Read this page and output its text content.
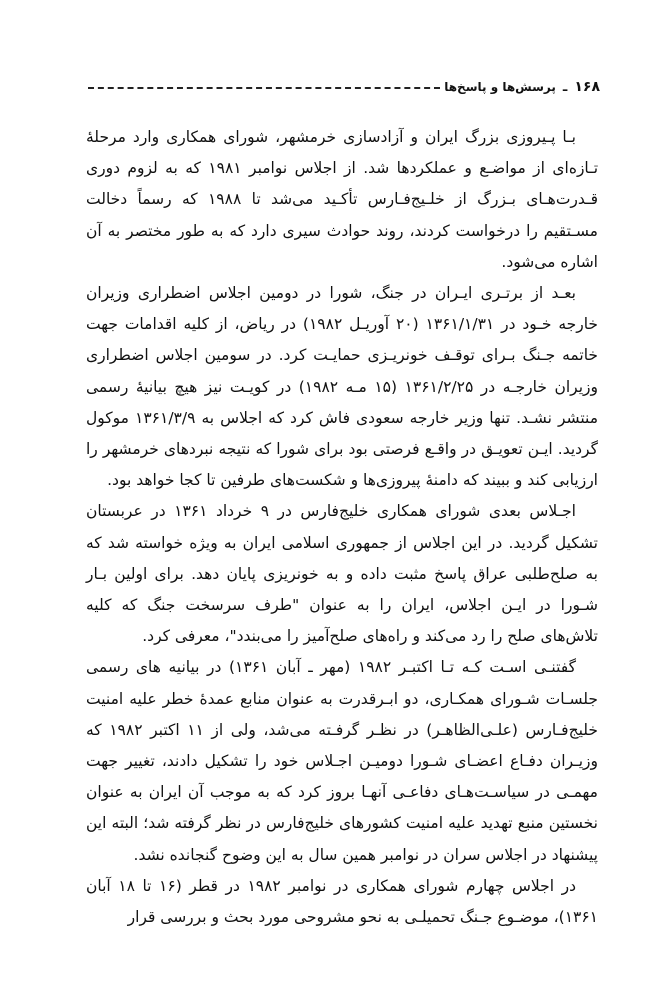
۱۶۸
ـ
پرسش‌ها و پاسخ‌ها

بـا پـیروزی بزرگ ایران و آزادسازی خرمشهر، شورای همکاری وارد مرحلهٔ تـازه‌ای از مواضـع و عملکردها شد. از اجلاس نوامبر ۱۹۸۱ که به لزوم دوری قـدرت‌هـای بـزرگ از خلـیج‌فـارس تأکـید می‌شد تا ۱۹۸۸ که رسماً دخالت مسـتقیم را درخواست کردند، روند حوادث سیری دارد که به طور مختصر به آن اشاره می‌شود.

بعـد از برتـری ایـران در جنگ، شورا در دومین اجلاس اضطراری وزیران خارجه خـود در ۱۳۶۱/۱/۳۱ (۲۰ آوریـل ۱۹۸۲) در ریاض، از کلیه اقدامات جهت خاتمه جـنگ بـرای توقـف خونریـزی حمایـت کرد. در سومین اجلاس اضطراری وزیران خارجـه در ۱۳۶۱/۲/۲۵ (۱۵ مـه ۱۹۸۲) در کویـت نیز هیچ بیانیهٔ رسمی منتشر نشـد. تنها وزیر خارجه سعودی فاش کرد که اجلاس به ۱۳۶۱/۳/۹ موکول گردید. ایـن تعویـق در واقـع فرصتی بود برای شورا که نتیجه نبردهای خرمشهر را ارزیابی کند و ببیند که دامنهٔ پیروزی‌ها و شکست‌های طرفین تا کجا خواهد بود.

اجـلاس بعدی شورای همکاری خلیج‌فارس در ۹ خرداد ۱۳۶۱ در عربستان تشکیل گردید. در این اجلاس از جمهوری اسلامی ایران به ویژه خواسته شد که به صلح‌طلبی عراق پاسخ مثبت داده و به خونریزی پایان دهد. برای اولین بـار شـورا در ایـن اجلاس، ایران را به عنوان "طرف سرسخت جنگ که کلیه تلاش‌های صلح را رد می‌کند و راه‌های صلح‌آمیز را می‌بندد"، معرفی کرد.

گفتنـی اسـت کـه تـا اکتبـر ۱۹۸۲ (مهر ـ آبان ۱۳۶۱) در بیانیه های رسمی جلسـات شـورای همکـاری، دو ابـرقدرت به عنوان منابع عمدهٔ خطر علیه امنیت خلیج‌فـارس (علـی‌الظاهـر) در نظـر گرفـته می‌شد، ولی از ۱۱ اکتبر ۱۹۸۲ که وزیـران دفـاع اعضـای شـورا دومیـن اجـلاس خود را تشکیل دادند، تغییر جهت مهمـی در سیاسـت‌هـای دفاعـی آنهـا بروز کرد که به موجب آن ایران به عنوان نخستین منبع تهدید علیه امنیت کشورهای خلیج‌فارس در نظر گرفته شد؛ البته این پیشنهاد در اجلاس سران در نوامبر همین سال به این وضوح گنجانده نشد.

در اجلاس چهارم شورای همکاری در نوامبر ۱۹۸۲ در قطر (۱۶ تا ۱۸ آبان ۱۳۶۱)، موضـوع جـنگ تحمیلـی به نحو مشروحی مورد بحث و بررسی قرار
